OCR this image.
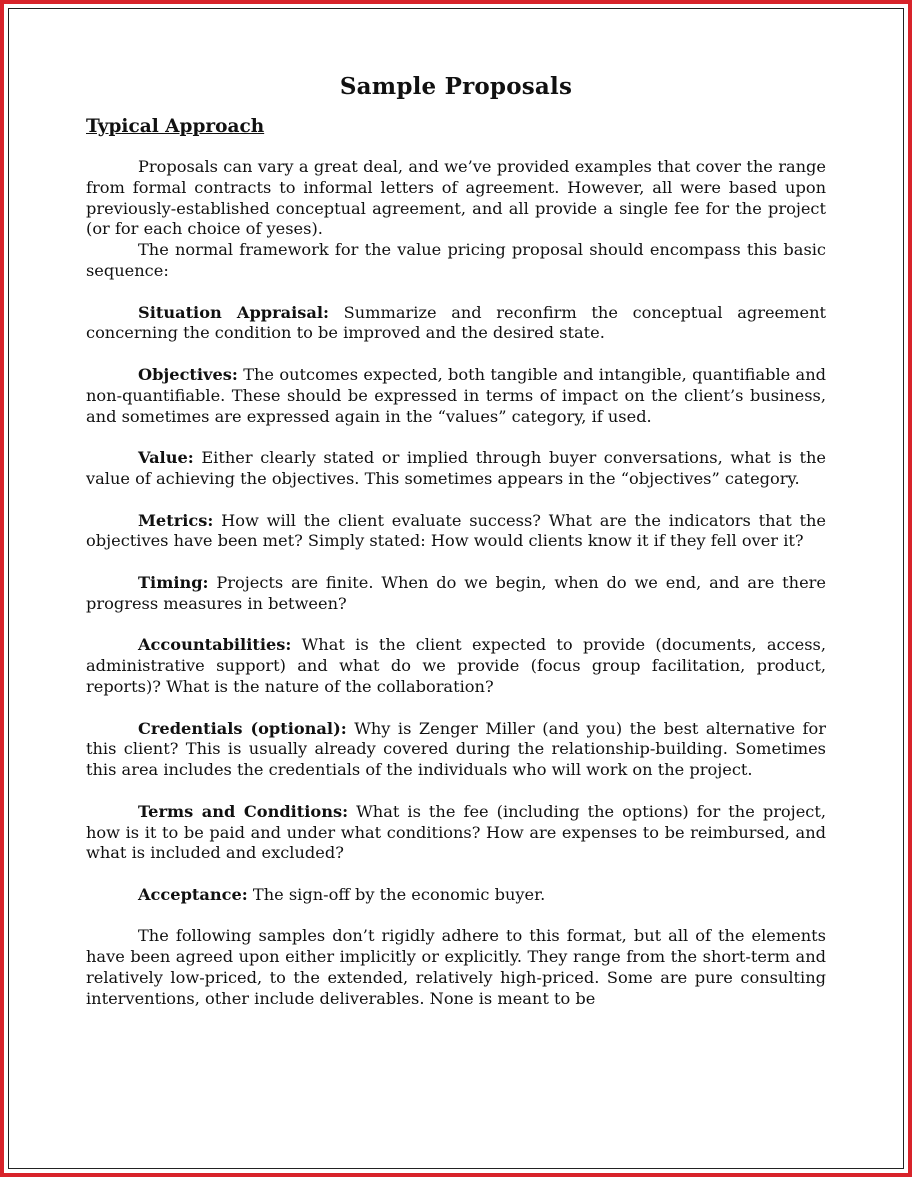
Sample Proposals
Typical Approach

Proposals can vary a great deal, and we’ve provided examples that cover the range from formal contracts to informal letters of agreement. However, all were based upon previously-established conceptual agreement, and all provide a single fee for the project (or for each choice of yeses).

The normal framework for the value pricing proposal should encompass this basic sequence:

Situation Appraisal: Summarize and reconfirm the conceptual agreement concerning the condition to be improved and the desired state.

Objectives: The outcomes expected, both tangible and intangible, quantifiable and non-quantifiable. These should be expressed in terms of impact on the client’s business, and sometimes are expressed again in the “values” category, if used.

Value: Either clearly stated or implied through buyer conversations, what is the value of achieving the objectives. This sometimes appears in the “objectives” category.

Metrics: How will the client evaluate success? What are the indicators that the objectives have been met? Simply stated: How would clients know it if they fell over it?

Timing: Projects are finite. When do we begin, when do we end, and are there progress measures in between?

Accountabilities: What is the client expected to provide (documents, access, administrative support) and what do we provide (focus group facilitation, product, reports)? What is the nature of the collaboration?

Credentials (optional): Why is Zenger Miller (and you) the best alternative for this client? This is usually already covered during the relationship-building. Sometimes this area includes the credentials of the individuals who will work on the project.

Terms and Conditions: What is the fee (including the options) for the project, how is it to be paid and under what conditions? How are expenses to be reimbursed, and what is included and excluded?

Acceptance: The sign-off by the economic buyer.

The following samples don’t rigidly adhere to this format, but all of the elements have been agreed upon either implicitly or explicitly. They range from the short-term and relatively low-priced, to the extended, relatively high-priced. Some are pure consulting interventions, other include deliverables. None is meant to be
